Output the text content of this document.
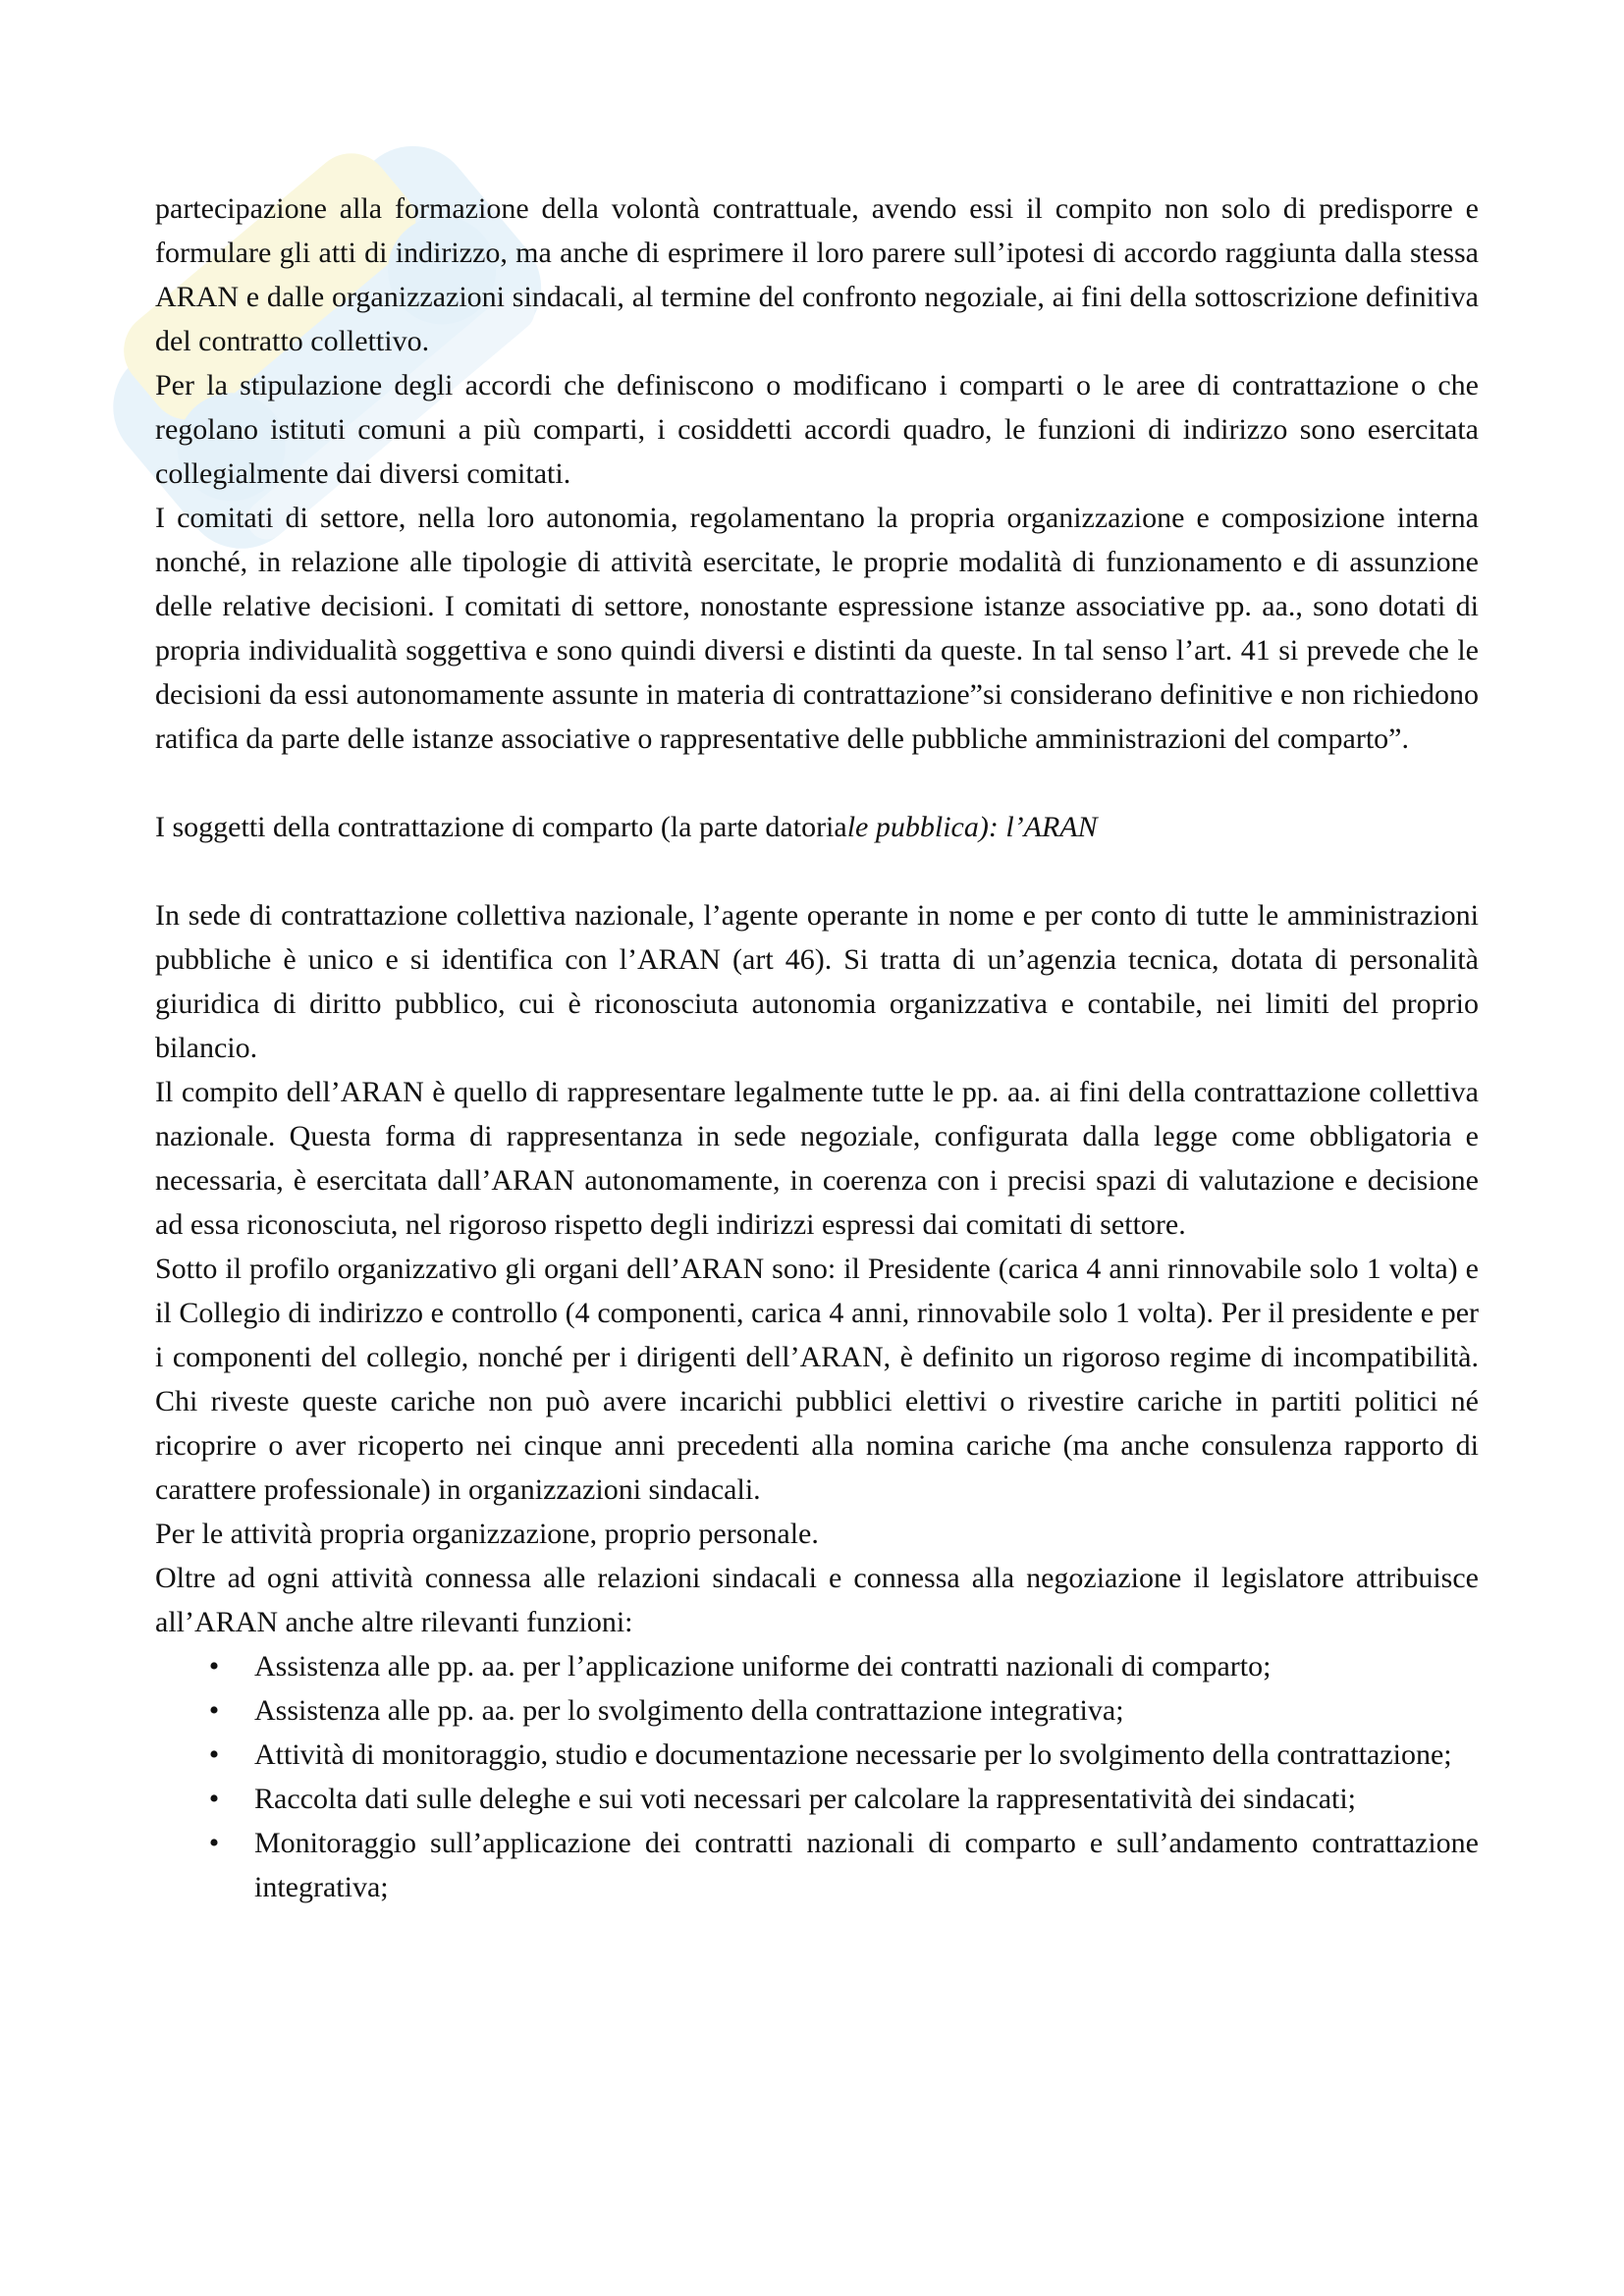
partecipazione alla formazione della volontà contrattuale, avendo essi il compito non solo di predisporre e formulare gli atti di indirizzo, ma anche di esprimere il loro parere sull’ipotesi di accordo raggiunta dalla stessa ARAN e dalle organizzazioni sindacali, al termine del confronto negoziale, ai fini della sottoscrizione definitiva del contratto collettivo.

Per la stipulazione degli accordi che definiscono o modificano i comparti o le aree di contrattazione o che regolano istituti comuni a più comparti, i cosiddetti accordi quadro, le funzioni di indirizzo sono esercitata collegialmente dai diversi comitati.

I comitati di settore, nella loro autonomia, regolamentano la propria organizzazione e composizione interna nonché, in relazione alle tipologie di attività esercitate, le proprie modalità di funzionamento e di assunzione delle relative decisioni. I comitati di settore, nonostante espressione istanze associative pp. aa., sono dotati di propria individualità soggettiva e sono quindi diversi e distinti da queste. In tal senso l’art. 41 si prevede che le decisioni da essi autonomamente assunte in materia di contrattazione”si considerano definitive e non richiedono ratifica da parte delle istanze associative o rappresentative delle pubbliche amministrazioni del comparto”.

I soggetti della contrattazione di comparto (la parte datoriale pubblica): l’ARAN

In sede di contrattazione collettiva nazionale, l’agente operante in nome e per conto di tutte le amministrazioni pubbliche è unico e si identifica con l’ARAN (art 46). Si tratta di un’agenzia tecnica, dotata di personalità giuridica di diritto pubblico, cui è riconosciuta autonomia organizzativa e contabile, nei limiti del proprio bilancio.

Il compito dell’ARAN è quello di rappresentare legalmente tutte le pp. aa. ai fini della contrattazione collettiva nazionale. Questa forma di rappresentanza in sede negoziale, configurata dalla legge come obbligatoria e necessaria, è esercitata dall’ARAN autonomamente, in coerenza con i precisi spazi di valutazione e decisione ad essa riconosciuta, nel rigoroso rispetto degli indirizzi espressi dai comitati di settore.

Sotto il profilo organizzativo gli organi dell’ARAN sono: il Presidente (carica 4 anni rinnovabile solo 1 volta) e il Collegio di indirizzo e controllo (4 componenti, carica 4 anni, rinnovabile solo 1 volta). Per il presidente e per i componenti del collegio, nonché per i dirigenti dell’ARAN, è definito un rigoroso regime di incompatibilità. Chi riveste queste cariche non può avere incarichi pubblici elettivi o rivestire cariche in partiti politici né ricoprire o aver ricoperto nei cinque anni precedenti alla nomina cariche (ma anche consulenza rapporto di carattere professionale) in organizzazioni sindacali.

Per le attività propria organizzazione, proprio personale.

Oltre ad ogni attività connessa alle relazioni sindacali e connessa alla negoziazione il legislatore attribuisce all’ARAN anche altre rilevanti funzioni:

• Assistenza alle pp. aa. per l’applicazione uniforme dei contratti nazionali di comparto;
• Assistenza alle pp. aa. per lo svolgimento della contrattazione integrativa;
• Attività di monitoraggio, studio e documentazione necessarie per lo svolgimento della contrattazione;
• Raccolta dati sulle deleghe e sui voti necessari per calcolare la rappresentatività dei sindacati;
• Monitoraggio sull’applicazione dei contratti nazionali di comparto e sull’andamento contrattazione integrativa;
